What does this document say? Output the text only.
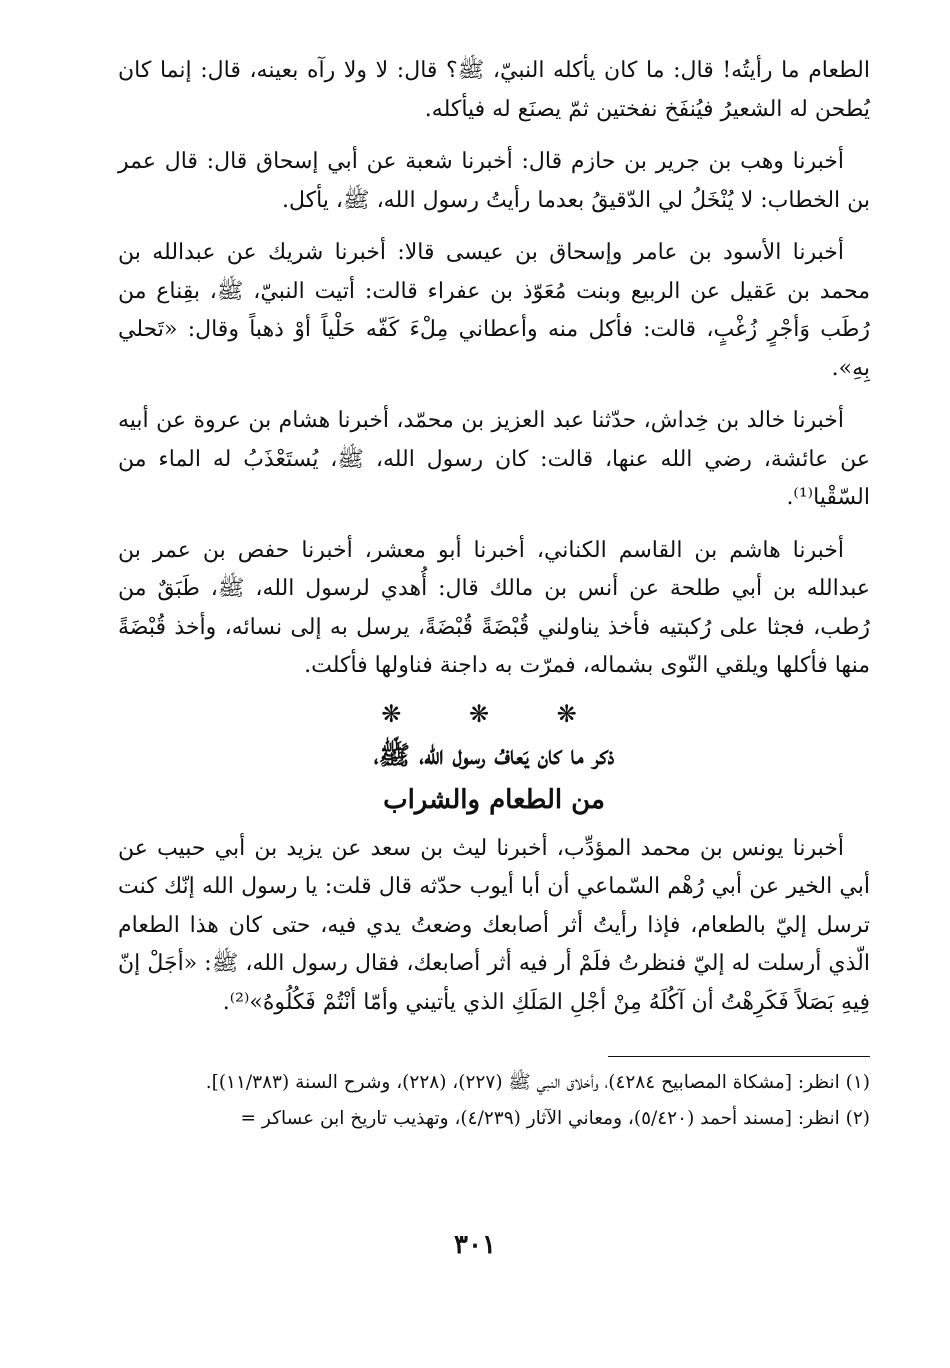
الطعام ما رأيتُه! قال: ما كان يأكله النبيّ، ﷺ؟ قال: لا ولا رآه بعينه، قال: إنما كان يُطحن له الشعيرُ فيُنفَخ نفختين ثمّ يصنَع له فيأكله.

أخبرنا وهب بن جرير بن حازم قال: أخبرنا شعبة عن أبي إسحاق قال: قال عمر بن الخطاب: لا يُنْخَلُ لي الدّقيقُ بعدما رأيتُ رسول الله، ﷺ، يأكل.

أخبرنا الأسود بن عامر وإسحاق بن عيسى قالا: أخبرنا شريك عن عبدالله بن محمد بن عَقيل عن الربيع وبنت مُعَوّذ بن عفراء قالت: أتيت النبيّ، ﷺ، بقِناع من رُطَب وَأجْرٍ زُغْبٍ، قالت: فأكل منه وأعطاني مِلْءَ كَفّه حَلْياً أوْ ذهباً وقال: «تَحلي بِهِ».

أخبرنا خالد بن خِداش، حدّثنا عبد العزيز بن محمّد، أخبرنا هشام بن عروة عن أبيه عن عائشة، رضي الله عنها، قالت: كان رسول الله، ﷺ، يُستَعْذَبُ له الماء من السّقْيا⁽¹⁾.

أخبرنا هاشم بن القاسم الكناني، أخبرنا أبو معشر، أخبرنا حفص بن عمر بن عبدالله بن أبي طلحة عن أنس بن مالك قال: أُهدي لرسول الله، ﷺ، طَبَقٌ من رُطب، فجثا على رُكبتيه فأخذ يناولني قُبْضَةً قُبْضَةً، يرسل به إلى نسائه، وأخذ قُبْضَةً منها فأكلها ويلقي النّوى بشماله، فمرّت به داجنة فناولها فأكلت.

❋ ❋ ❋
ذكر ما كان يَعافُ رسول الله، ﷺ،
من الطعام والشراب

أخبرنا يونس بن محمد المؤدِّب، أخبرنا ليث بن سعد عن يزيد بن أبي حبيب عن أبي الخير عن أبي رُهْم السّماعي أن أبا أيوب حدّثه قال قلت: يا رسول الله إنّك كنت ترسل إليّ بالطعام، فإذا رأيتُ أثر أصابعك وضعتُ يدي فيه، حتى كان هذا الطعام الّذي أرسلت له إليّ فنظرتُ فلَمْ أر فيه أثر أصابعك، فقال رسول الله، ﷺ: «أجَلْ إنّ فِيهِ بَصَلاً فَكَرِهْتُ أن آكُلَهُ مِنْ أجْلِ المَلَكِ الذي يأتيني وأمّا أنْتُمْ فَكُلُوهُ»⁽²⁾.

(١) انظر: [مشكاة المصابيح ٤٢٨٤)، وأخلاق النبي ﷺ (٢٢٧)، (٢٢٨)، وشرح السنة (١١/٣٨٣)].

(٢) انظر: [مسند أحمد (٥/٤٢٠)، ومعاني الآثار (٤/٢٣٩)، وتهذيب تاريخ ابن عساكر =

٣٠١
